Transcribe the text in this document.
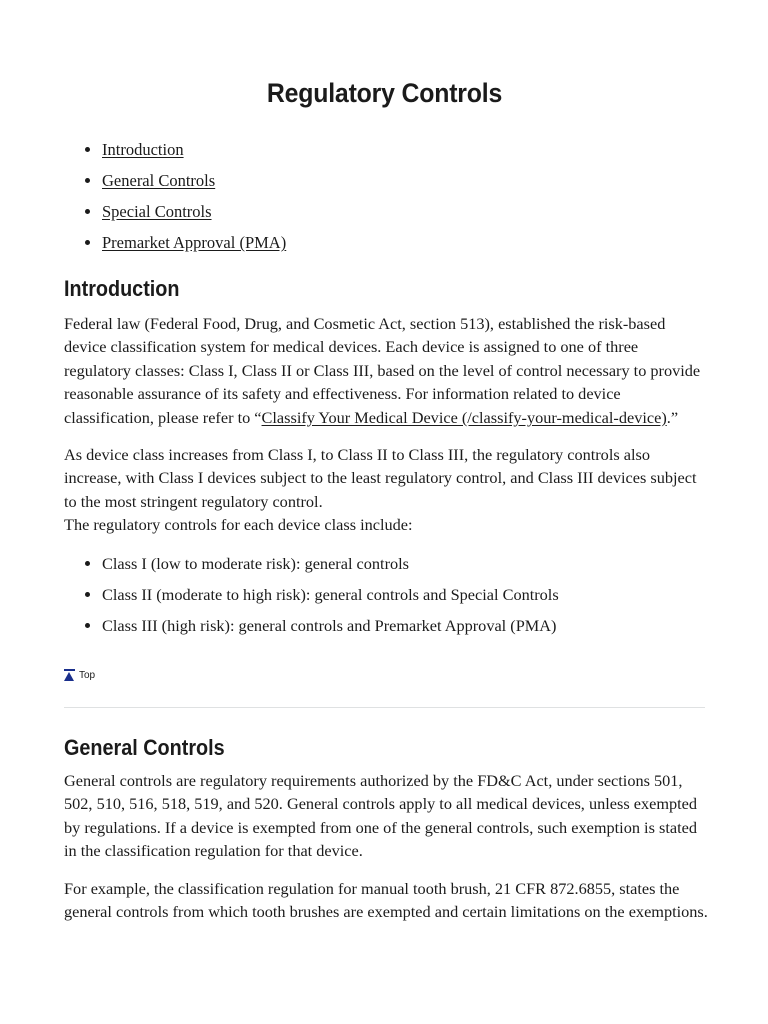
Regulatory Controls
• Introduction
• General Controls
• Special Controls
• Premarket Approval (PMA)
Introduction

Federal law (Federal Food, Drug, and Cosmetic Act, section 513), established the risk-based device classification system for medical devices. Each device is assigned to one of three regulatory classes: Class I, Class II or Class III, based on the level of control necessary to provide reasonable assurance of its safety and effectiveness. For information related to device classification, please refer to “Classify Your Medical Device (/classify-your-medical-device).”

As device class increases from Class I, to Class II to Class III, the regulatory controls also increase, with Class I devices subject to the least regulatory control, and Class III devices subject to the most stringent regulatory control.
The regulatory controls for each device class include:

• Class I (low to moderate risk): general controls
• Class II (moderate to high risk): general controls and Special Controls
• Class III (high risk): general controls and Premarket Approval (PMA)
Top
General Controls

General controls are regulatory requirements authorized by the FD&C Act, under sections 501, 502, 510, 516, 518, 519, and 520. General controls apply to all medical devices, unless exempted by regulations. If a device is exempted from one of the general controls, such exemption is stated in the classification regulation for that device.

For example, the classification regulation for manual tooth brush, 21 CFR 872.6855, states the general controls from which tooth brushes are exempted and certain limitations on the exemptions.
